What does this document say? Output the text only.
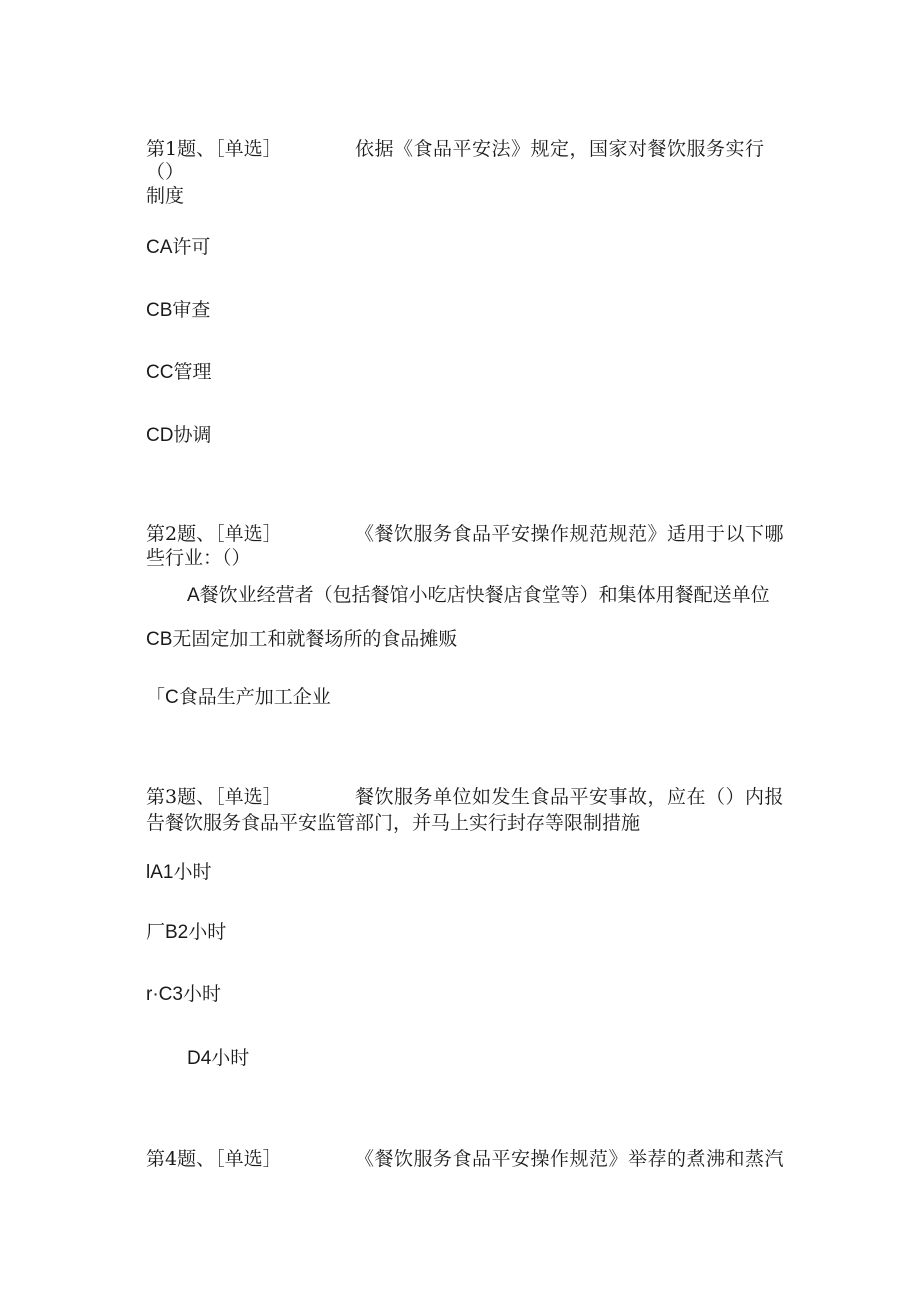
第1题、［单选］	依据《食品平安法》规定，国家对餐饮服务实行
（）
制度
CA许可
CB审查
CC管理
CD协调
第2题、［单选］	《餐饮服务食品平安操作规范规范》适用于以下哪
些行业：（）
A餐饮业经营者（包括餐馆小吃店快餐店食堂等）和集体用餐配送单位
CB无固定加工和就餐场所的食品摊贩
「C食品生产加工企业
第3题、［单选］	餐饮服务单位如发生食品平安事故，应在（）内报
告餐饮服务食品平安监管部门，并马上实行封存等限制措施
lA1小时
厂B2小时
r·C3小时
D4小时
第4题、［单选］	《餐饮服务食品平安操作规范》举荐的煮沸和蒸汽
